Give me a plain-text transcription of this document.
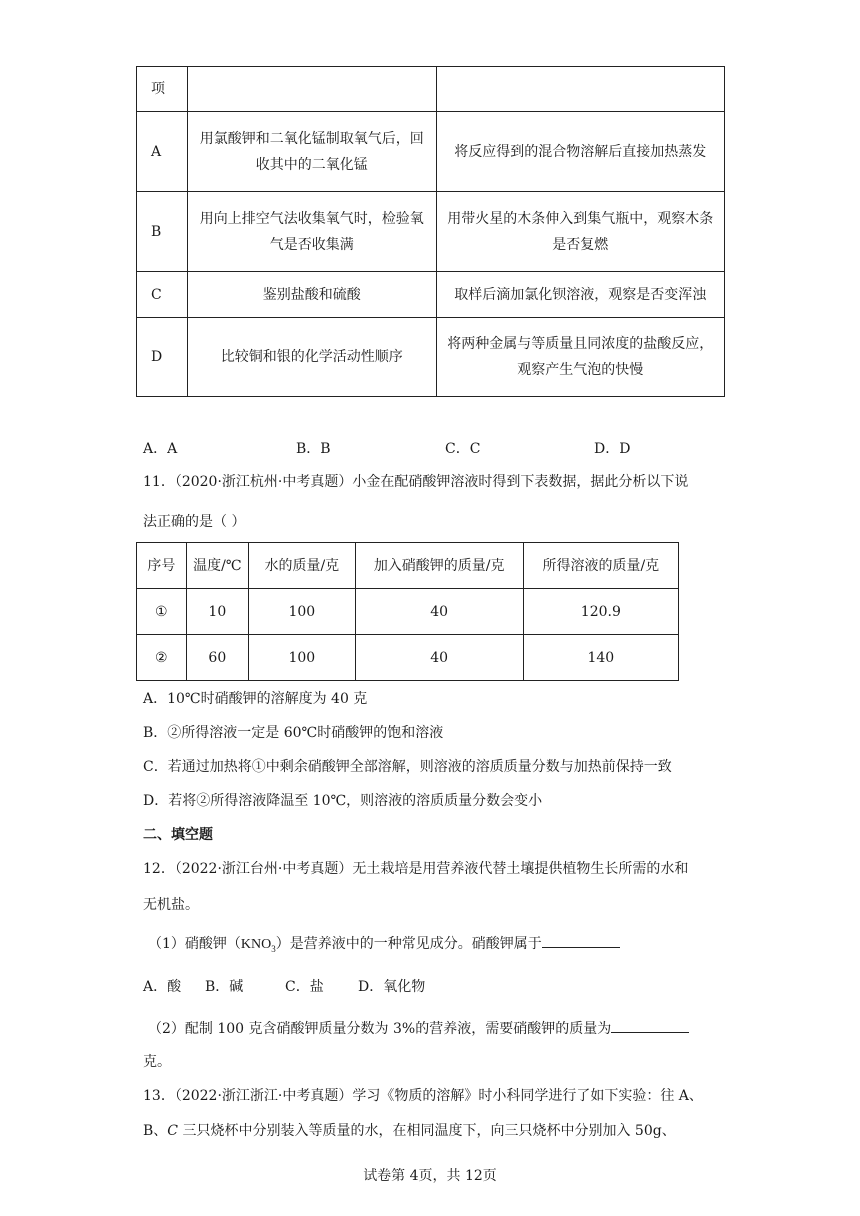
项		
A	用氯酸钾和二氧化锰制取氧气后，回收其中的二氧化锰	将反应得到的混合物溶解后直接加热蒸发
B	用向上排空气法收集氧气时，检验氧气是否收集满	用带火星的木条伸入到集气瓶中，观察木条是否复燃
C	鉴别盐酸和硫酸	取样后滴加氯化钡溶液，观察是否变浑浊
D	比较铜和银的化学活动性顺序	将两种金属与等质量且同浓度的盐酸反应，观察产生气泡的快慢
A．A	B．B	C．C	D．D
11．（2020·浙江杭州·中考真题）小金在配硝酸钾溶液时得到下表数据，据此分析以下说
法正确的是（ ）
序号	温度/℃	水的质量/克	加入硝酸钾的质量/克	所得溶液的质量/克
①	10	100	40	120.9
②	60	100	40	140
A．10℃时硝酸钾的溶解度为 40 克
B．②所得溶液一定是 60℃时硝酸钾的饱和溶液
C．若通过加热将①中剩余硝酸钾全部溶解，则溶液的溶质质量分数与加热前保持一致
D．若将②所得溶液降温至 10℃，则溶液的溶质质量分数会变小
二、填空题
12．（2022·浙江台州·中考真题）无土栽培是用营养液代替土壤提供植物生长所需的水和
无机盐。
（1）硝酸钾$(KNO_3)$是营养液中的一种常见成分。硝酸钾属于
A．酸 B．碱	C．盐 D．氧化物
（2）配制 100 克含硝酸钾质量分数为 3%的营养液，需要硝酸钾的质量为
克。
13．（2022·浙江浙江·中考真题）学习《物质的溶解》时小科同学进行了如下实验：往 A、
B、C 三只烧杯中分别装入等质量的水，在相同温度下，向三只烧杯中分别加入 50g、
试卷第 4页，共 12页
